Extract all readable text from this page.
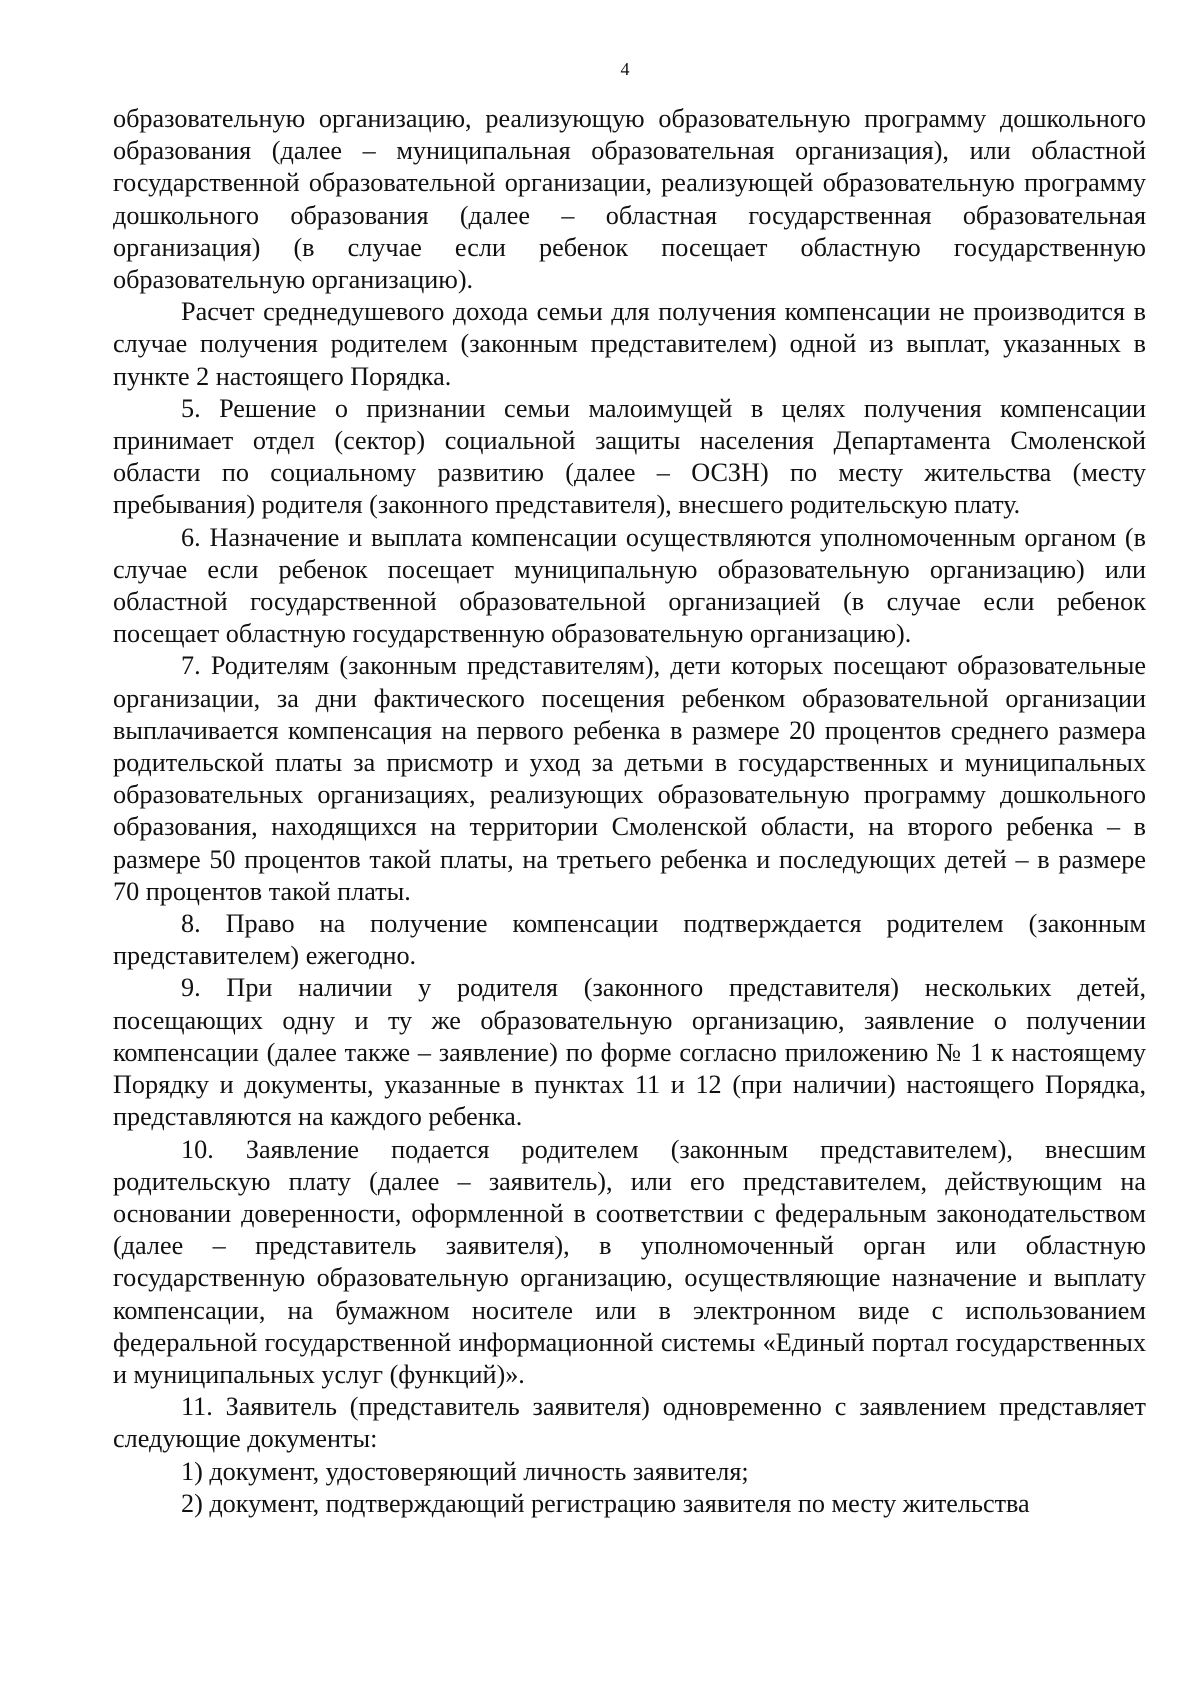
4

образовательную организацию, реализующую образовательную программу дошкольного образования (далее – муниципальная образовательная организация), или областной государственной образовательной организации, реализующей образовательную программу дошкольного образования (далее – областная государственная образовательная организация) (в случае если ребенок посещает областную государственную образовательную организацию).

Расчет среднедушевого дохода семьи для получения компенсации не производится в случае получения родителем (законным представителем) одной из выплат, указанных в пункте 2 настоящего Порядка.

5. Решение о признании семьи малоимущей в целях получения компенсации принимает отдел (сектор) социальной защиты населения Департамента Смоленской области по социальному развитию (далее – ОСЗН) по месту жительства (месту пребывания) родителя (законного представителя), внесшего родительскую плату.

6. Назначение и выплата компенсации осуществляются уполномоченным органом (в случае если ребенок посещает муниципальную образовательную организацию) или областной государственной образовательной организацией (в случае если ребенок посещает областную государственную образовательную организацию).

7. Родителям (законным представителям), дети которых посещают образовательные организации, за дни фактического посещения ребенком образовательной организации выплачивается компенсация на первого ребенка в размере 20 процентов среднего размера родительской платы за присмотр и уход за детьми в государственных и муниципальных образовательных организациях, реализующих образовательную программу дошкольного образования, находящихся на территории Смоленской области, на второго ребенка – в размере 50 процентов такой платы, на третьего ребенка и последующих детей – в размере 70 процентов такой платы.

8. Право на получение компенсации подтверждается родителем (законным представителем) ежегодно.

9. При наличии у родителя (законного представителя) нескольких детей, посещающих одну и ту же образовательную организацию, заявление о получении компенсации (далее также – заявление) по форме согласно приложению № 1 к настоящему Порядку и документы, указанные в пунктах 11 и 12 (при наличии) настоящего Порядка, представляются на каждого ребенка.

10. Заявление подается родителем (законным представителем), внесшим родительскую плату (далее – заявитель), или его представителем, действующим на основании доверенности, оформленной в соответствии с федеральным законодательством (далее – представитель заявителя), в уполномоченный орган или областную государственную образовательную организацию, осуществляющие назначение и выплату компенсации, на бумажном носителе или в электронном виде с использованием федеральной государственной информационной системы «Единый портал государственных и муниципальных услуг (функций)».

11. Заявитель (представитель заявителя) одновременно с заявлением представляет следующие документы:

1) документ, удостоверяющий личность заявителя;

2) документ, подтверждающий регистрацию заявителя по месту жительства
